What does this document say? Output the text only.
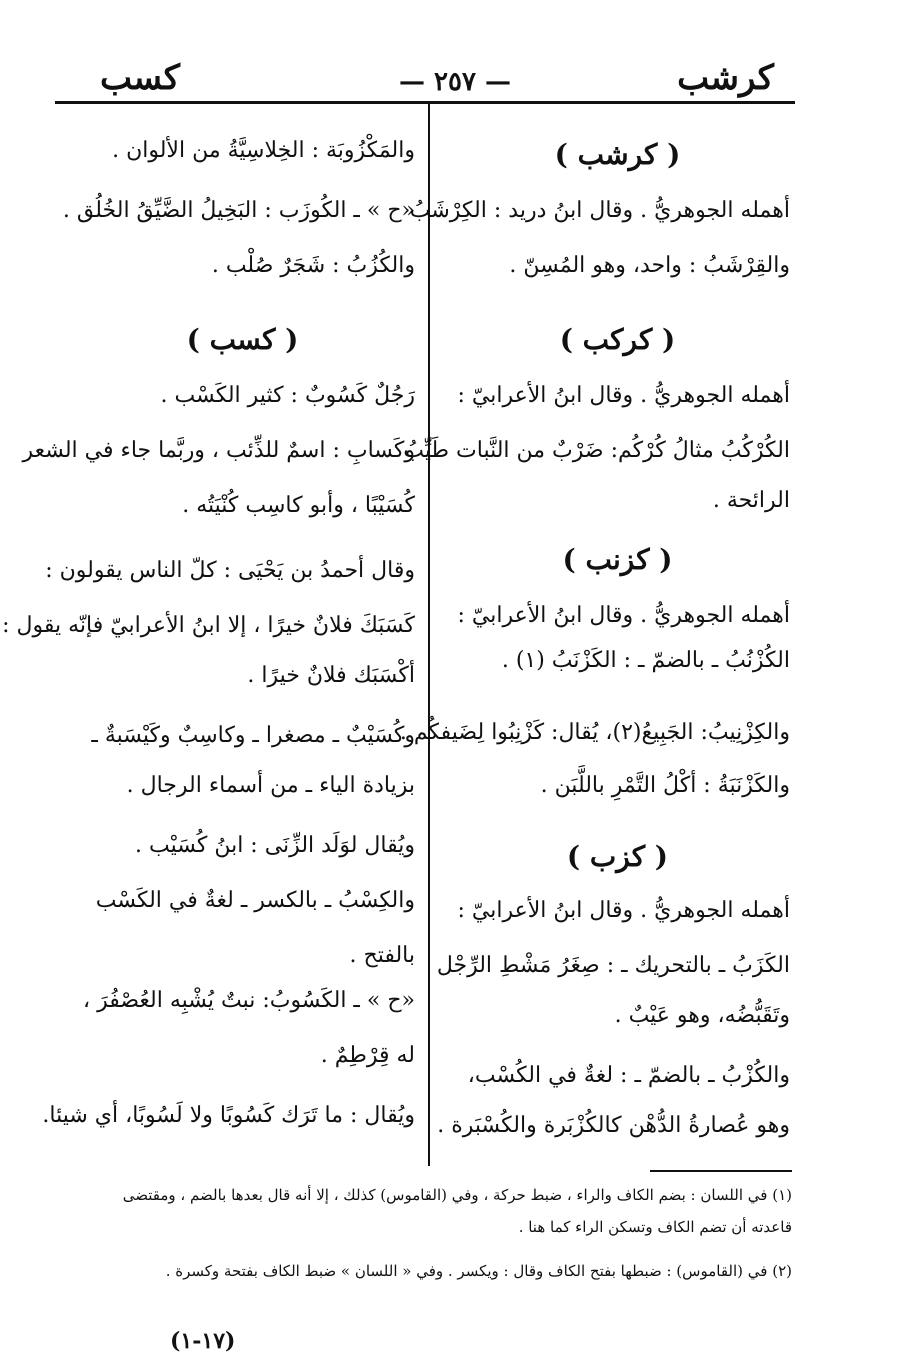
كرشب
— ٢٥٧ —
كسب
( كرشب )
أهمله الجوهريُّ . وقال ابنُ دريد : الكِرْشَبُ
والقِرْشَبُ : واحد، وهو المُسِنّ .
( كركب )
أهمله الجوهريُّ . وقال ابنُ الأعرابيّ :
الكُرْكُبُ مثالُ كُرْكُم: ضَرْبٌ من النَّبات طَيِّبُ
الرائحة .
( كزنب )
أهمله الجوهريُّ . وقال ابنُ الأعرابيّ :
الكُزْنُبُ ـ بالضمّ ـ : الكَزْنَبُ (١) .
والكِزْنِيبُ: الجَبِيعُ(٢)، يُقال: كَزْنِبُوا لِضَيفكُم .
والكَزْنَبَةُ : أكْلُ التَّمْرِ باللَّبَن .
( كزب )
أهمله الجوهريُّ . وقال ابنُ الأعرابيّ :
الكَزَبُ ـ بالتحريك ـ : صِغَرُ مَشْطِ الرِّجْل
وتَقَبُّضُه، وهو عَيْبٌ .
والكُزْبُ ـ بالضمّ ـ : لغةٌ في الكُسْب،
وهو عُصارةُ الدُّهْن كالكُزْبَرة والكُسْبَرة .
والمَكْزُوبَة : الخِلاسِيَّةُ من الألوان .
«ح » ـ الكُوزَب : البَخِيلُ الضَّيِّقُ الخُلُق .
والكُزُبُ : شَجَرٌ صُلْب .
( كسب )
رَجُلٌ كَسُوبٌ : كثير الكَسْب .
وكَسابِ : اسمٌ للذِّئب ، وربَّما جاء في الشعر
كُسَيْبًا ، وأبو كاسِب كُنْيَتُه .
وقال أحمدُ بن يَحْيَى : كلّ الناس يقولون :
كَسَبَكَ فلانٌ خيرًا ، إلا ابنُ الأعرابيّ فإنّه يقول :
أكْسَبَك فلانٌ خيرًا .
وكُسَيْبٌ ـ مصغرا ـ وكاسِبٌ وكَيْسَبةٌ ـ
بزيادة الياء ـ من أسماء الرجال .
ويُقال لوَلَد الزِّنَى : ابنُ كُسَيْب .
والكِسْبُ ـ بالكسر ـ لغةٌ في الكَسْب
بالفتح .
«ح » ـ الكَسُوبُ: نبتٌ يُشْبِه العُصْفُرَ ،
له قِرْطِمٌ .
ويُقال : ما تَرَك كَسُوبًا ولا لَسُوبًا، أي شيئا.
(١) في اللسان : بضم الكاف والراء ، ضبط حركة ، وفي (القاموس) كذلك ، إلا أنه قال بعدها بالضم ، ومقتضى
قاعدته أن تضم الكاف وتسكن الراء كما هنا .
(٢) في (القاموس) : ضبطها بفتح الكاف وقال : ويكسر . وفي « اللسان » ضبط الكاف بفتحة وكسرة .
(١٧-١)
